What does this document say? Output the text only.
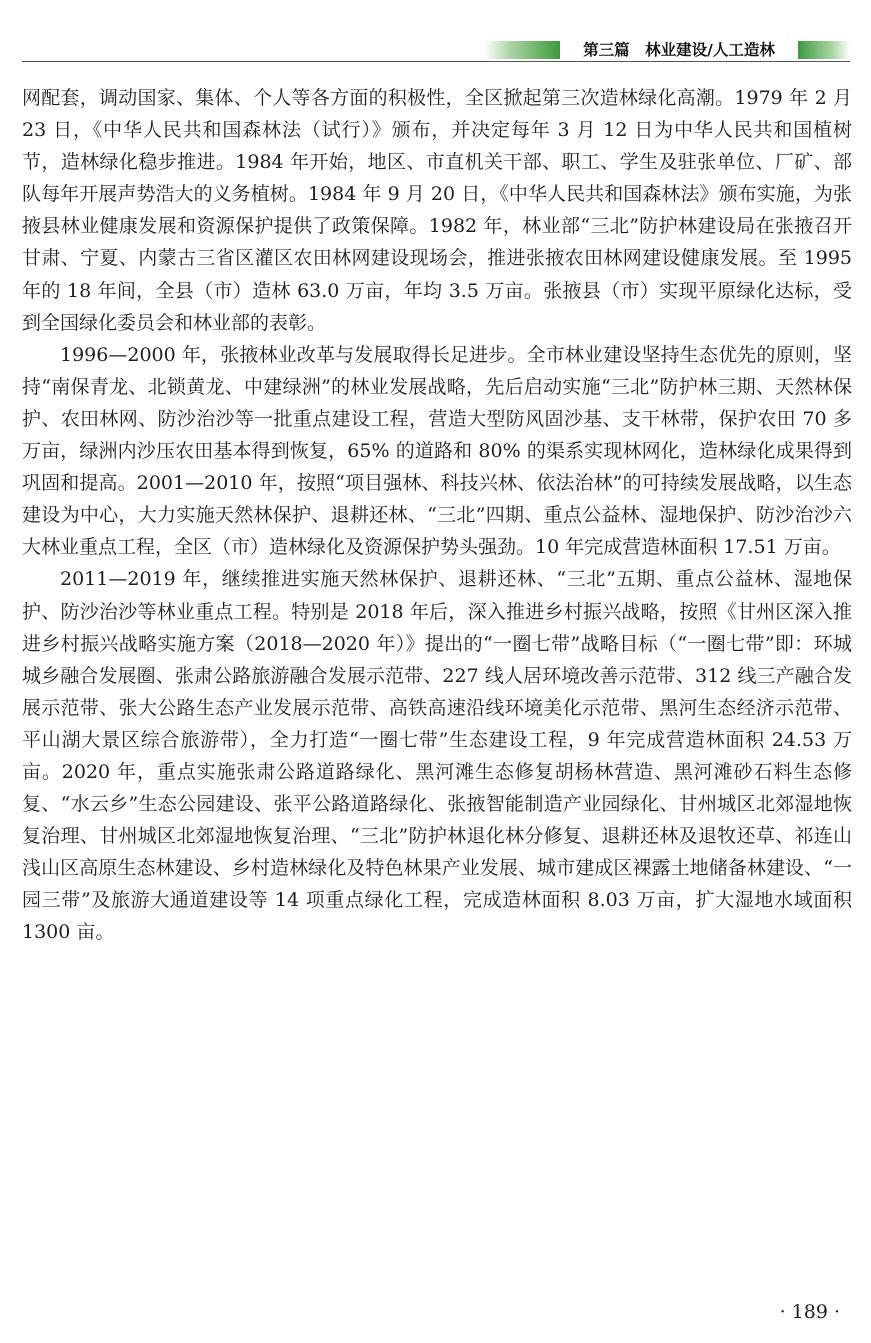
第三篇　林业建设/人工造林

网配套，调动国家、集体、个人等各方面的积极性，全区掀起第三次造林绿化高潮。1979 年 2 月 23 日，《中华人民共和国森林法（试行）》颁布，并决定每年 3 月 12 日为中华人民共和国植树节，造林绿化稳步推进。1984 年开始，地区、市直机关干部、职工、学生及驻张单位、厂矿、部队每年开展声势浩大的义务植树。1984 年 9 月 20 日，《中华人民共和国森林法》颁布实施，为张掖县林业健康发展和资源保护提供了政策保障。1982 年，林业部“三北”防护林建设局在张掖召开甘肃、宁夏、内蒙古三省区灌区农田林网建设现场会，推进张掖农田林网建设健康发展。至 1995 年的 18 年间，全县（市）造林 63.0 万亩，年均 3.5 万亩。张掖县（市）实现平原绿化达标，受到全国绿化委员会和林业部的表彰。

1996—2000 年，张掖林业改革与发展取得长足进步。全市林业建设坚持生态优先的原则，坚持“南保青龙、北锁黄龙、中建绿洲”的林业发展战略，先后启动实施“三北”防护林三期、天然林保护、农田林网、防沙治沙等一批重点建设工程，营造大型防风固沙基、支干林带，保护农田 70 多万亩，绿洲内沙压农田基本得到恢复，65% 的道路和 80% 的渠系实现林网化，造林绿化成果得到巩固和提高。2001—2010 年，按照“项目强林、科技兴林、依法治林”的可持续发展战略，以生态建设为中心，大力实施天然林保护、退耕还林、“三北”四期、重点公益林、湿地保护、防沙治沙六大林业重点工程，全区（市）造林绿化及资源保护势头强劲。10 年完成营造林面积 17.51 万亩。

2011—2019 年，继续推进实施天然林保护、退耕还林、“三北”五期、重点公益林、湿地保护、防沙治沙等林业重点工程。特别是 2018 年后，深入推进乡村振兴战略，按照《甘州区深入推进乡村振兴战略实施方案（2018—2020 年）》提出的“一圈七带”战略目标（“一圈七带”即：环城城乡融合发展圈、张肃公路旅游融合发展示范带、227 线人居环境改善示范带、312 线三产融合发展示范带、张大公路生态产业发展示范带、高铁高速沿线环境美化示范带、黑河生态经济示范带、平山湖大景区综合旅游带），全力打造“一圈七带”生态建设工程，9 年完成营造林面积 24.53 万亩。2020 年，重点实施张肃公路道路绿化、黑河滩生态修复胡杨林营造、黑河滩砂石料生态修复、“水云乡”生态公园建设、张平公路道路绿化、张掖智能制造产业园绿化、甘州城区北郊湿地恢复治理、甘州城区北郊湿地恢复治理、“三北”防护林退化林分修复、退耕还林及退牧还草、祁连山浅山区高原生态林建设、乡村造林绿化及特色林果产业发展、城市建成区裸露土地储备林建设、“一园三带”及旅游大通道建设等 14 项重点绿化工程，完成造林面积 8.03 万亩，扩大湿地水域面积 1300 亩。

· 189 ·
